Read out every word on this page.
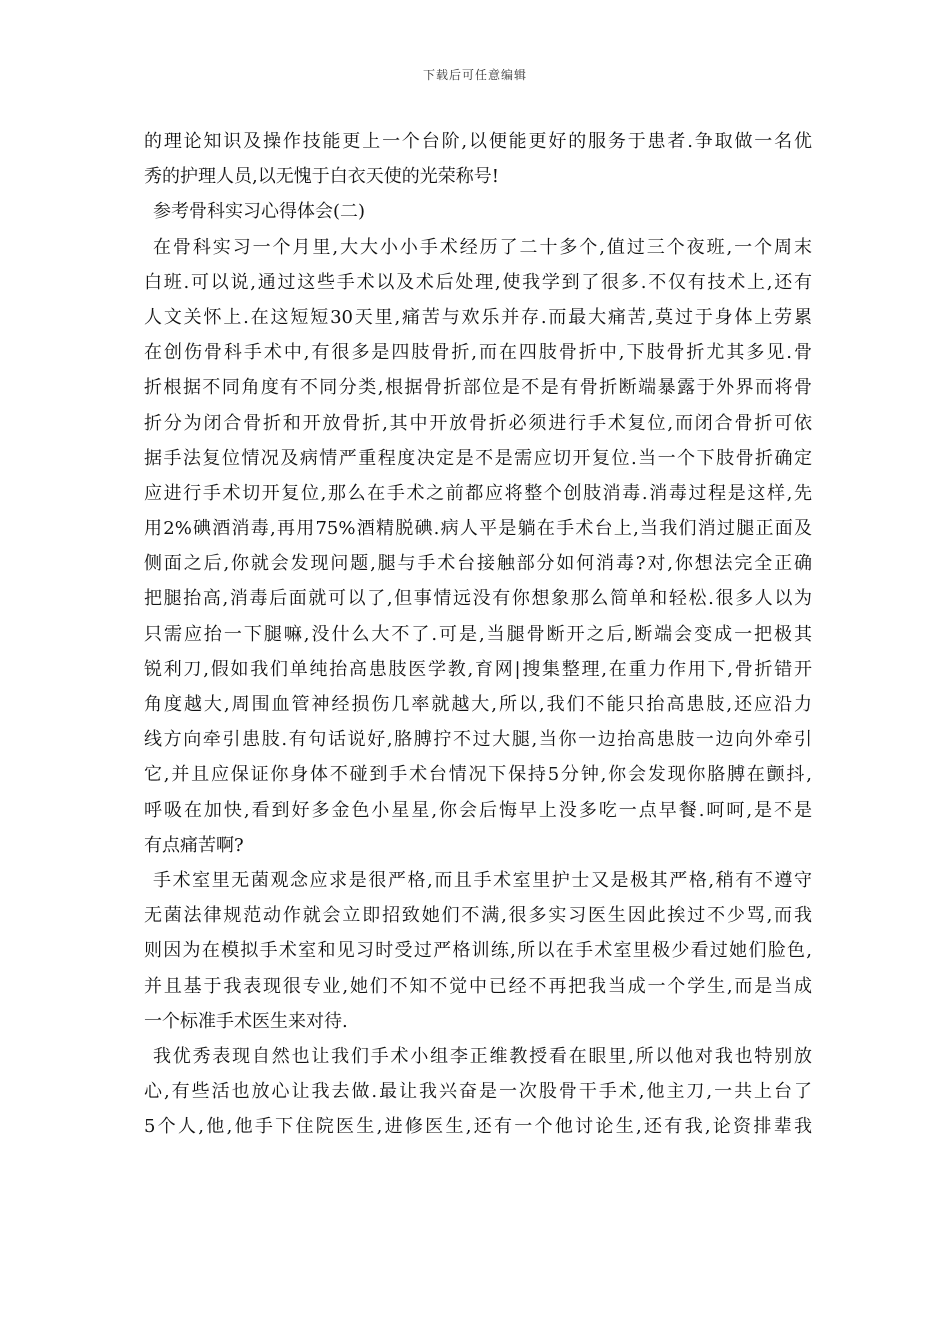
下载后可任意编辑
的理论知识及操作技能更上一个台阶,以便能更好的服务于患者.争取做一名优
秀的护理人员,以无愧于白衣天使的光荣称号!
参考骨科实习心得体会(二)
在骨科实习一个月里,大大小小手术经历了二十多个,值过三个夜班,一个周末
白班.可以说,通过这些手术以及术后处理,使我学到了很多.不仅有技术上,还有
人文关怀上.在这短短30天里,痛苦与欢乐并存.而最大痛苦,莫过于身体上劳累
在创伤骨科手术中,有很多是四肢骨折,而在四肢骨折中,下肢骨折尤其多见.骨
折根据不同角度有不同分类,根据骨折部位是不是有骨折断端暴露于外界而将骨
折分为闭合骨折和开放骨折,其中开放骨折必须进行手术复位,而闭合骨折可依
据手法复位情况及病情严重程度决定是不是需应切开复位.当一个下肢骨折确定
应进行手术切开复位,那么在手术之前都应将整个创肢消毒.消毒过程是这样,先
用2%碘酒消毒,再用75%酒精脱碘.病人平是躺在手术台上,当我们消过腿正面及
侧面之后,你就会发现问题,腿与手术台接触部分如何消毒?对,你想法完全正确
把腿抬高,消毒后面就可以了,但事情远没有你想象那么简单和轻松.很多人以为
只需应抬一下腿嘛,没什么大不了.可是,当腿骨断开之后,断端会变成一把极其
锐利刀,假如我们单纯抬高患肢医学教,育网|搜集整理,在重力作用下,骨折错开
角度越大,周围血管神经损伤几率就越大,所以,我们不能只抬高患肢,还应沿力
线方向牵引患肢.有句话说好,胳膊拧不过大腿,当你一边抬高患肢一边向外牵引
它,并且应保证你身体不碰到手术台情况下保持5分钟,你会发现你胳膊在颤抖,
呼吸在加快,看到好多金色小星星,你会后悔早上没多吃一点早餐.呵呵,是不是
有点痛苦啊?
手术室里无菌观念应求是很严格,而且手术室里护士又是极其严格,稍有不遵守
无菌法律规范动作就会立即招致她们不满,很多实习医生因此挨过不少骂,而我
则因为在模拟手术室和见习时受过严格训练,所以在手术室里极少看过她们脸色,
并且基于我表现很专业,她们不知不觉中已经不再把我当成一个学生,而是当成
一个标准手术医生来对待.
我优秀表现自然也让我们手术小组李正维教授看在眼里,所以他对我也特别放
心,有些活也放心让我去做.最让我兴奋是一次股骨干手术,他主刀,一共上台了
5个人,他,他手下住院医生,进修医生,还有一个他讨论生,还有我,论资排辈我
